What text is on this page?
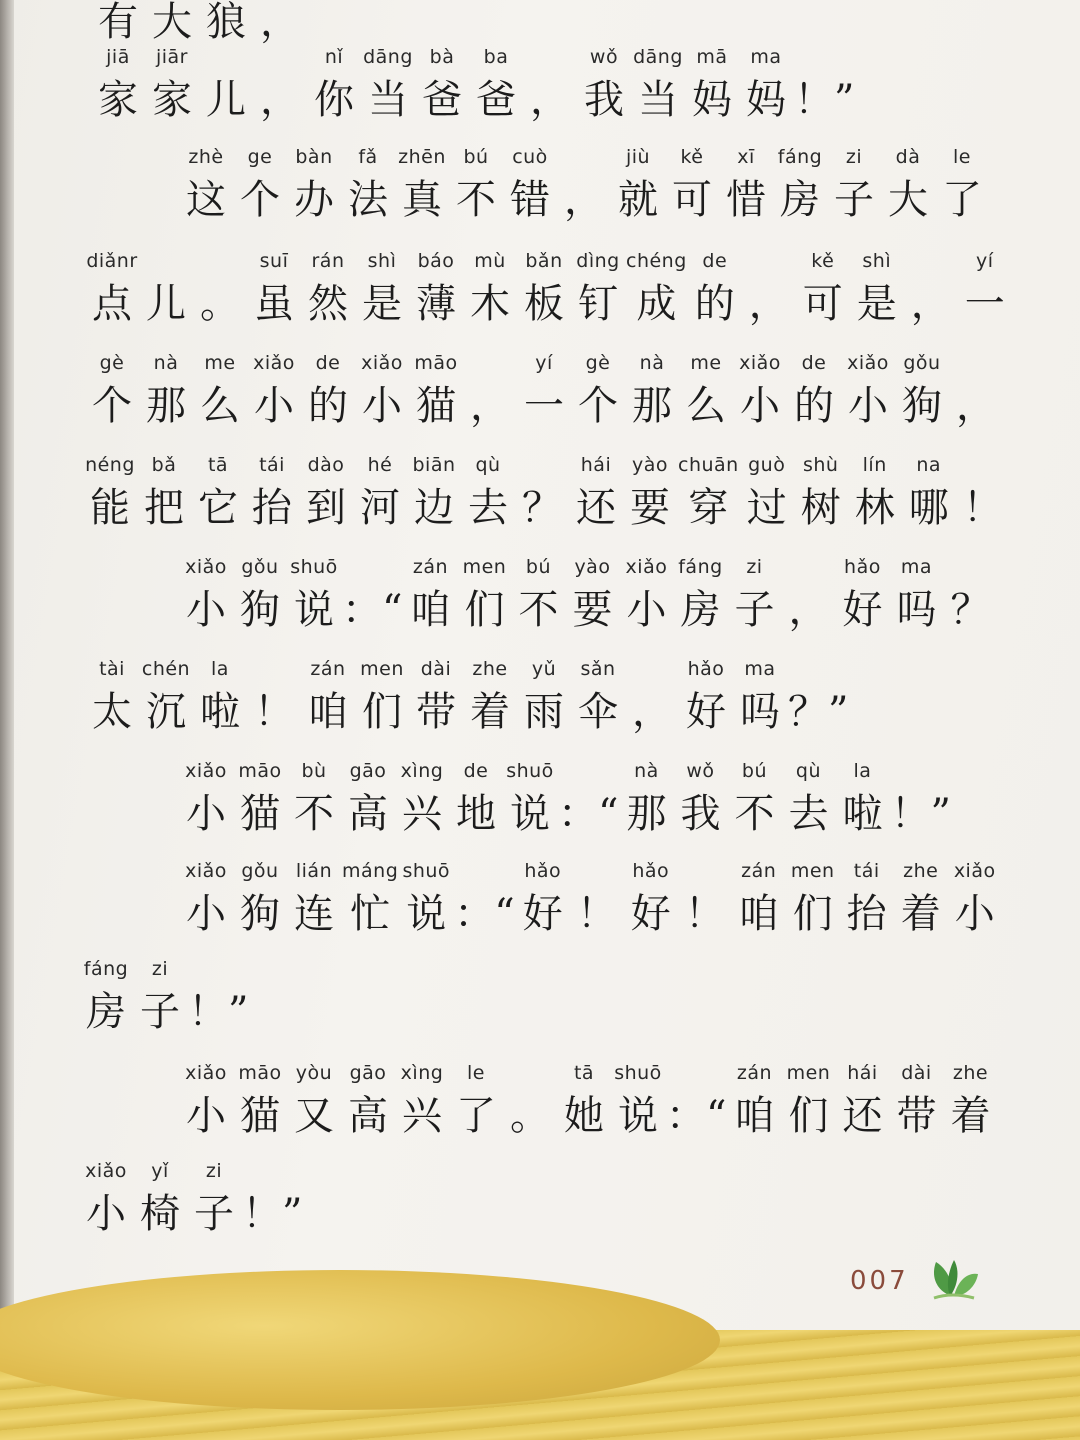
有 大 狼 ，
jiā
家
jiār
家 儿 ，
nǐ
你
dāng
当
bà
爸
ba
爸 ，
wǒ
我
dāng
当
mā
妈
ma
妈 ！”
zhè
这
ge
个
bàn
办
fǎ
法
zhēn
真
bú
不
cuò
错 ，
jiù
就
kě
可
xī
惜
fáng
房
zi
子
dà
大
le
了
diǎnr
点 儿 。
suī
虽
rán
然
shì
是
báo
薄
mù
木
bǎn
板
dìng
钉
chéng
成
de
的 ，
kě
可
shì
是 ，
yí
一
gè
个
nà
那
me
么
xiǎo
小
de
的
xiǎo
小
māo
猫 ，
yí
一
gè
个
nà
那
me
么
xiǎo
小
de
的
xiǎo
小
gǒu
狗 ，
néng
能
bǎ
把
tā
它
tái
抬
dào
到
hé
河
biān
边
qù
去 ？
hái
还
yào
要
chuān
穿
guò
过
shù
树
lín
林
na
哪 ！
xiǎo
小
gǒu
狗
shuō
说 ：“
zán
咱
men
们
bú
不
yào
要
xiǎo
小
fáng
房
zi
子 ，
hǎo
好
ma
吗 ？
tài
太
chén
沉
la
啦 ！
zán
咱
men
们
dài
带
zhe
着
yǔ
雨
sǎn
伞 ，
hǎo
好
ma
吗 ？”
xiǎo
小
māo
猫
bù
不
gāo
高
xìng
兴
de
地
shuō
说 ：“
nà
那
wǒ
我
bú
不
qù
去
la
啦 ！”
xiǎo
小
gǒu
狗
lián
连
máng
忙
shuō
说 ：“
hǎo
好 ！
hǎo
好 ！
zán
咱
men
们
tái
抬
zhe
着
xiǎo
小
fáng
房
zi
子 ！”
xiǎo
小
māo
猫
yòu
又
gāo
高
xìng
兴
le
了 。
tā
她
shuō
说 ：“
zán
咱
men
们
hái
还
dài
带
zhe
着
xiǎo
小
yǐ
椅
zi
子 ！”
007
